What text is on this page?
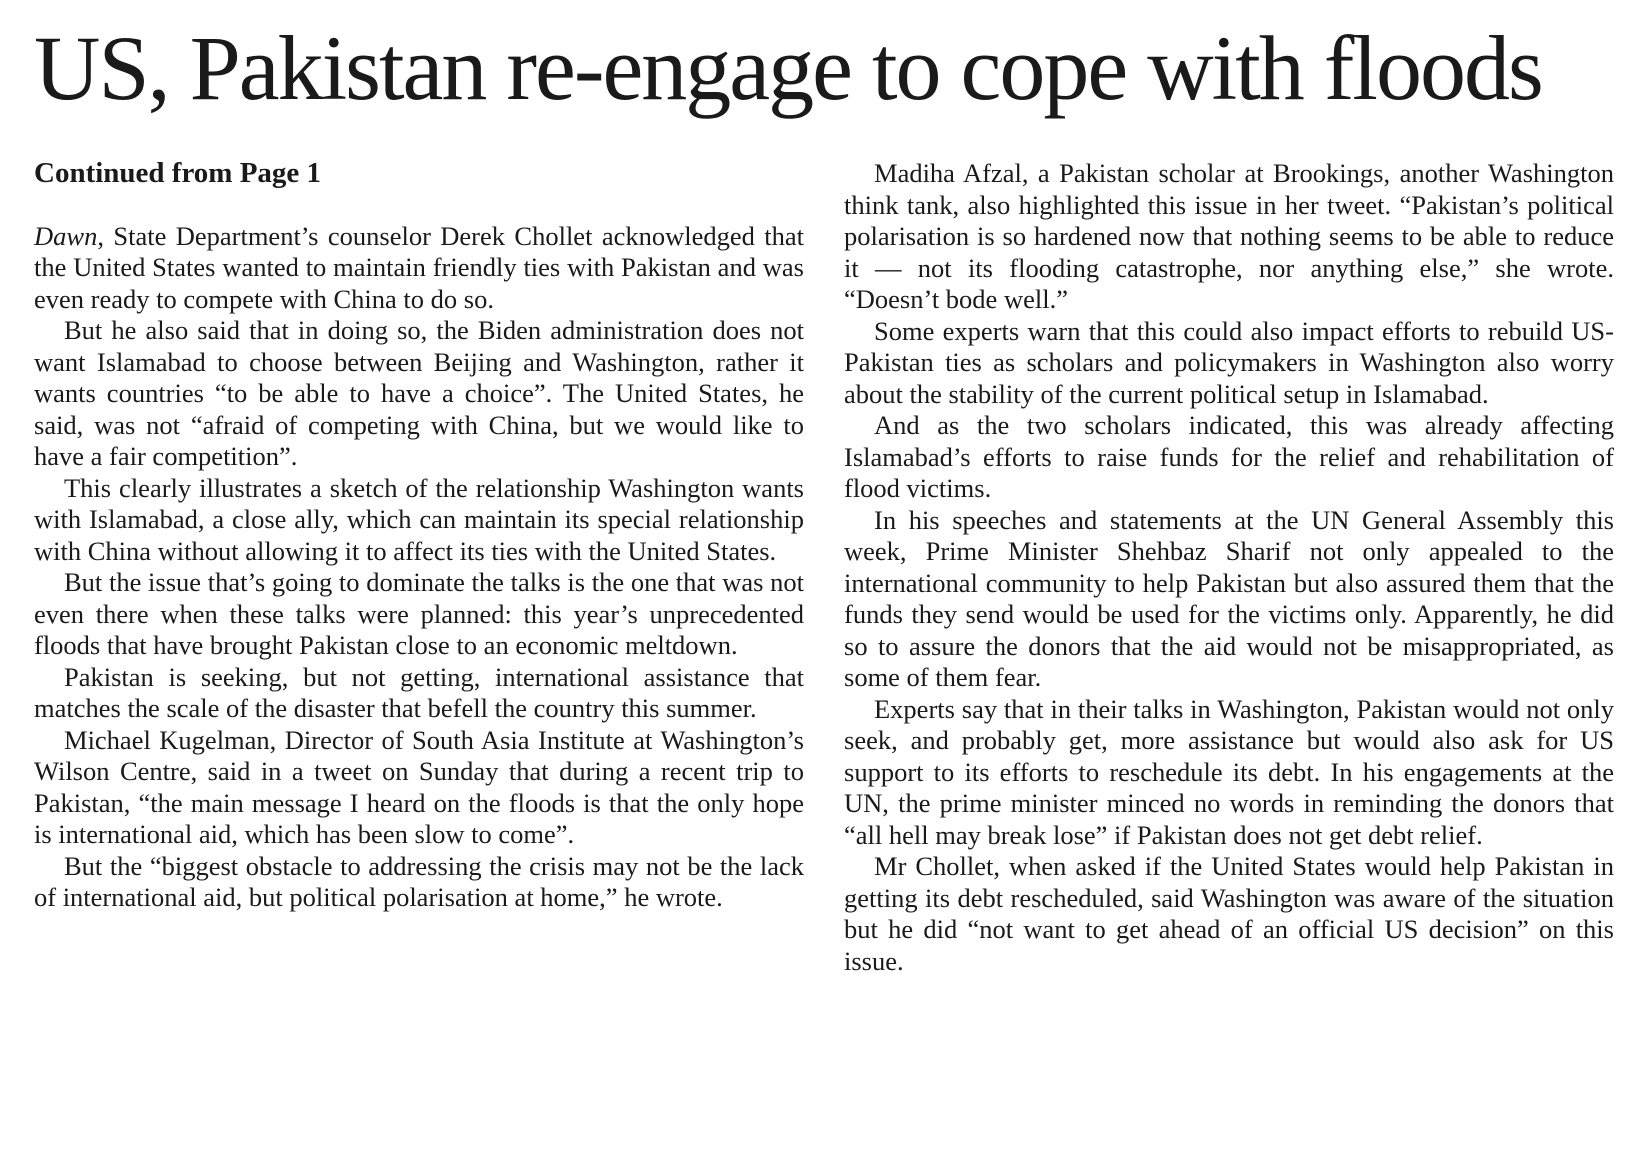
US, Pakistan re-engage to cope with floods
Continued from Page 1

Dawn, State Department’s counselor Derek Chollet acknowledged that the United States wanted to maintain friendly ties with Pakistan and was even ready to compete with China to do so.

But he also said that in doing so, the Biden administration does not want Islamabad to choose between Beijing and Washington, rather it wants countries “to be able to have a choice”. The United States, he said, was not “afraid of competing with China, but we would like to have a fair competition”.

This clearly illustrates a sketch of the relationship Washington wants with Islamabad, a close ally, which can maintain its special relationship with China without allowing it to affect its ties with the United States.

But the issue that’s going to dominate the talks is the one that was not even there when these talks were planned: this year’s unprecedented floods that have brought Pakistan close to an economic meltdown.

Pakistan is seeking, but not getting, international assistance that matches the scale of the disaster that befell the country this summer.

Michael Kugelman, Director of South Asia Institute at Washington’s Wilson Centre, said in a tweet on Sunday that during a recent trip to Pakistan, “the main message I heard on the floods is that the only hope is international aid, which has been slow to come”.

But the “biggest obstacle to addressing the crisis may not be the lack of international aid, but political polarisation at home,” he wrote.

Madiha Afzal, a Pakistan scholar at Brookings, another Washington think tank, also highlighted this issue in her tweet. “Pakistan’s political polarisation is so hardened now that nothing seems to be able to reduce it — not its flooding catastrophe, nor anything else,” she wrote. “Doesn’t bode well.”

Some experts warn that this could also impact efforts to rebuild US-Pakistan ties as scholars and policymakers in Washington also worry about the stability of the current political setup in Islamabad.

And as the two scholars indicated, this was already affecting Islamabad’s efforts to raise funds for the relief and rehabilitation of flood victims.

In his speeches and statements at the UN General Assembly this week, Prime Minister Shehbaz Sharif not only appealed to the international community to help Pakistan but also assured them that the funds they send would be used for the victims only. Apparently, he did so to assure the donors that the aid would not be misappropriated, as some of them fear.

Experts say that in their talks in Washington, Pakistan would not only seek, and probably get, more assistance but would also ask for US support to its efforts to reschedule its debt. In his engagements at the UN, the prime minister minced no words in reminding the donors that “all hell may break lose” if Pakistan does not get debt relief.

Mr Chollet, when asked if the United States would help Pakistan in getting its debt rescheduled, said Washington was aware of the situation but he did “not want to get ahead of an official US decision” on this issue.
